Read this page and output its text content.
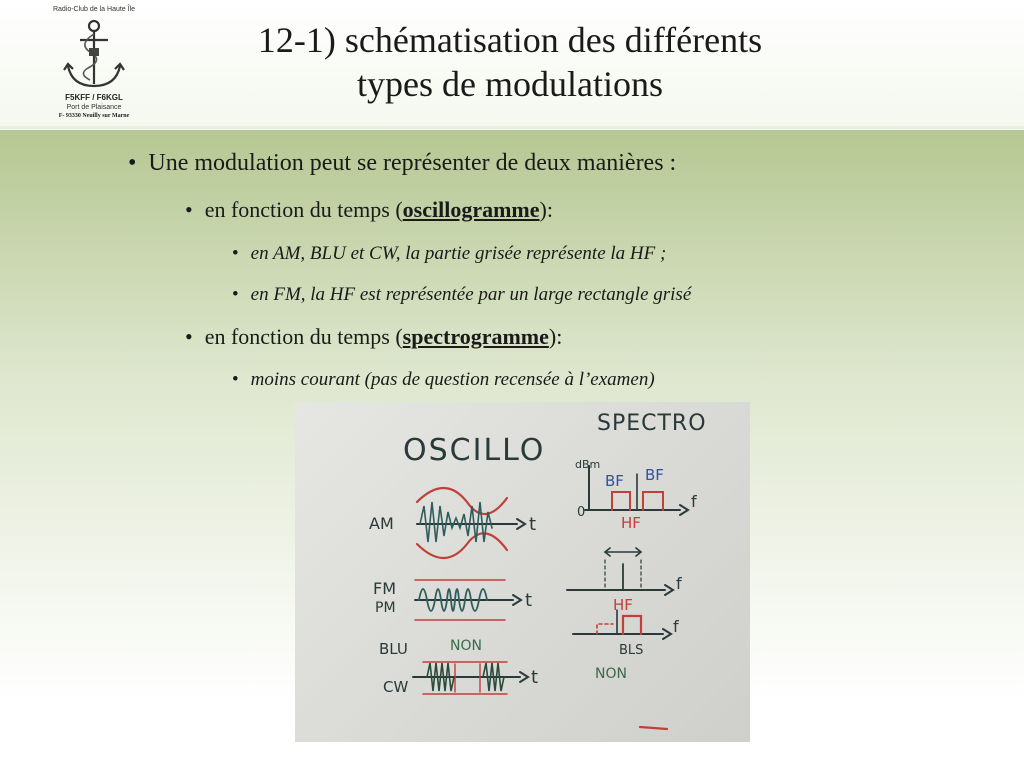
Radio-Club de la Haute Île
F5KFF / F6KGL
Port de Plaisance
F- 93330 Neuilly sur Marne
12-1) schématisation des différents
types de modulations
• Une modulation peut se représenter de deux manières :
• en fonction du temps (oscillogramme):
• en AM, BLU et CW, la partie grisée représente la HF ;
• en FM, la HF est représentée par un large rectangle grisé
• en fonction du temps (spectrogramme):
• moins courant (pas de question recensée à l’examen)
OSCILLO
SPECTRO
AM
FM
PM
BLU
CW
t
t
t
dBm
0
f
f
f
BLS
BF BF
HF
HF
NON
NON
